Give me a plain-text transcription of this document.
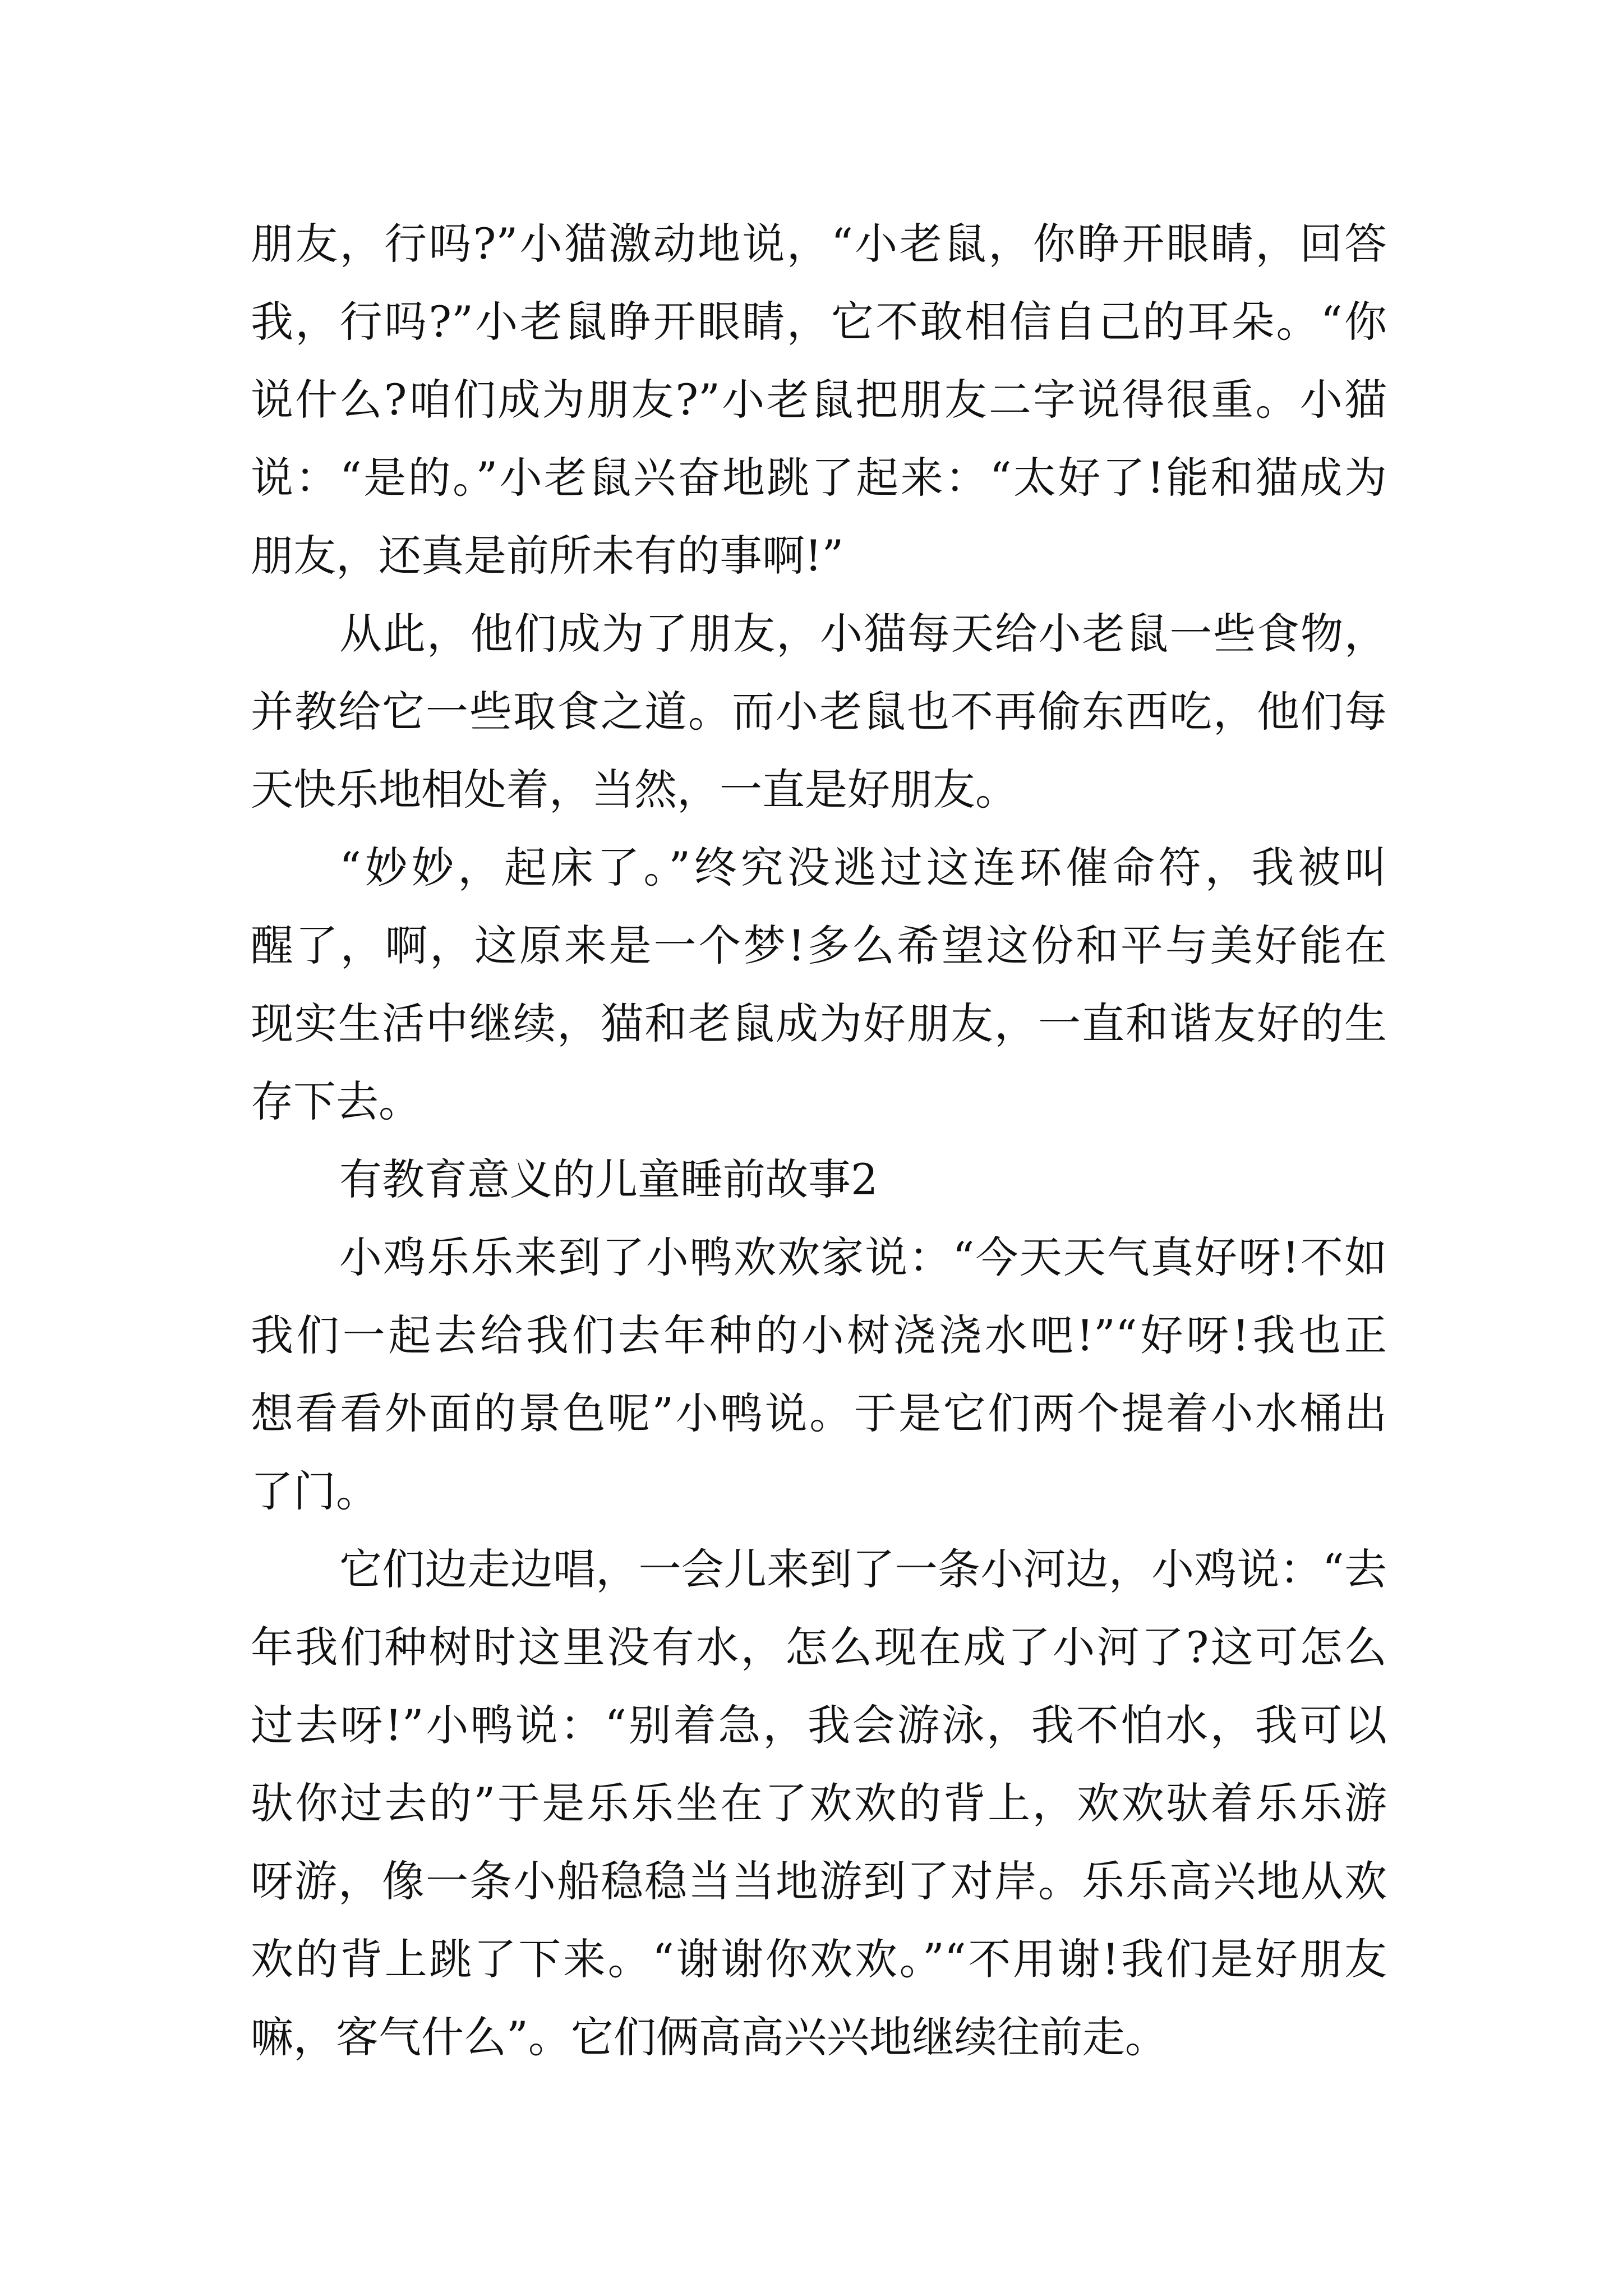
朋友，行吗?”小猫激动地说，“小老鼠，你睁开眼睛，回答
我，行吗?”小老鼠睁开眼睛，它不敢相信自己的耳朵。“你
说什么?咱们成为朋友?”小老鼠把朋友二字说得很重。小猫
说：“是的。”小老鼠兴奋地跳了起来：“太好了!能和猫成为
朋友，还真是前所未有的事啊!”
从此，他们成为了朋友，小猫每天给小老鼠一些食物，
并教给它一些取食之道。而小老鼠也不再偷东西吃，他们每
天快乐地相处着，当然，一直是好朋友。
“妙妙，起床了。”终究没逃过这连环催命符，我被叫
醒了，啊，这原来是一个梦!多么希望这份和平与美好能在
现实生活中继续，猫和老鼠成为好朋友，一直和谐友好的生
存下去。
有教育意义的儿童睡前故事2
小鸡乐乐来到了小鸭欢欢家说：“今天天气真好呀!不如
我们一起去给我们去年种的小树浇浇水吧!”“好呀!我也正
想看看外面的景色呢”小鸭说。于是它们两个提着小水桶出
了门。
它们边走边唱，一会儿来到了一条小河边，小鸡说：“去
年我们种树时这里没有水，怎么现在成了小河了?这可怎么
过去呀!”小鸭说：“别着急，我会游泳，我不怕水，我可以
驮你过去的”于是乐乐坐在了欢欢的背上，欢欢驮着乐乐游
呀游，像一条小船稳稳当当地游到了对岸。乐乐高兴地从欢
欢的背上跳了下来。“谢谢你欢欢。”“不用谢!我们是好朋友
嘛，客气什么”。它们俩高高兴兴地继续往前走。
